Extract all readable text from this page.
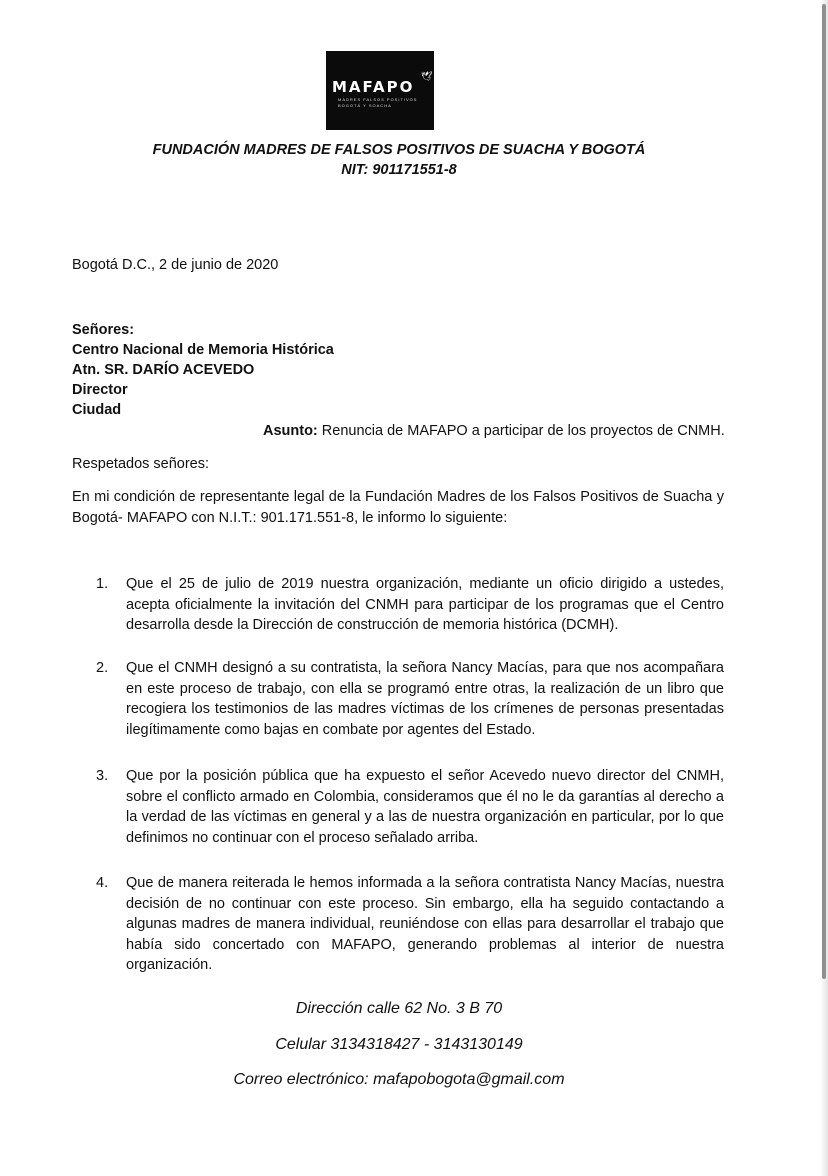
MAFAPO
🕊
MADRES FALSOS POSITIVOS
BOGOTÁ Y SOACHA
FUNDACIÓN MADRES DE FALSOS POSITIVOS DE SUACHA Y BOGOTÁ
NIT: 901171551-8
Bogotá D.C., 2 de junio de 2020
Señores:
Centro Nacional de Memoria Histórica
Atn. SR. DARÍO ACEVEDO
Director
Ciudad
Asunto: Renuncia de MAFAPO a participar de los proyectos de CNMH.
Respetados señores:
En mi condición de representante legal de la Fundación Madres de los Falsos Positivos de Suacha y Bogotá- MAFAPO con N.I.T.: 901.171.551-8, le informo lo siguiente:
1. Que el 25 de julio de 2019 nuestra organización, mediante un oficio dirigido a ustedes, acepta oficialmente la invitación del CNMH para participar de los programas que el Centro desarrolla desde la Dirección de construcción de memoria histórica (DCMH).
2. Que el CNMH designó a su contratista, la señora Nancy Macías, para que nos acompañara en este proceso de trabajo, con ella se programó entre otras, la realización de un libro que recogiera los testimonios de las madres víctimas de los crímenes de personas presentadas ilegítimamente como bajas en combate por agentes del Estado.
3. Que por la posición pública que ha expuesto el señor Acevedo nuevo director del CNMH, sobre el conflicto armado en Colombia, consideramos que él no le da garantías al derecho a la verdad de las víctimas en general y a las de nuestra organización en particular, por lo que definimos no continuar con el proceso señalado arriba.
4. Que de manera reiterada le hemos informada a la señora contratista Nancy Macías, nuestra decisión de no continuar con este proceso. Sin embargo, ella ha seguido contactando a algunas madres de manera individual, reuniéndose con ellas para desarrollar el trabajo que había sido concertado con MAFAPO, generando problemas al interior de nuestra organización.
Dirección calle 62 No. 3 B 70
Celular 3134318427 - 3143130149
Correo electrónico: mafapobogota@gmail.com
